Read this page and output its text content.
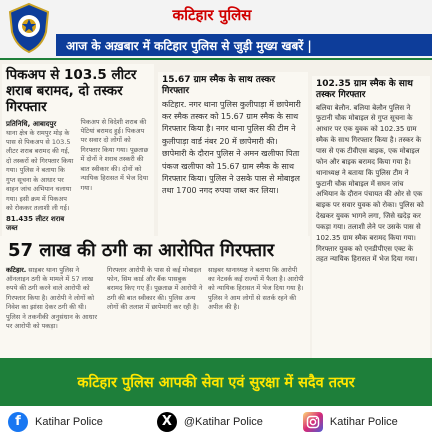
कटिहार पुलिस
आज के अख़बार में कटिहार पुलिस से जुड़ी मुख्य खबरें |
पिकअप से 103.5 लीटर शराब बरामद, दो तस्कर गिरफ्तार
प्रतिनिधि, आबादपुर
थाना क्षेत्र के रामपुर मोड़ के पास से पिकअप से 103.5 लीटर शराब बरामद की गई, दो तस्करों को गिरफ्तार किया गया। पुलिस ने बताया कि गुप्त सूचना के आधार पर वाहन जांच अभियान चलाया गया। इसी क्रम में पिकअप को रोककर तलाशी ली गई।
81.435 लीटर शराब जब्त
पिकअप से विदेशी शराब की पेटियां बरामद हुई। पिकअप पर सवार दो लोगों को गिरफ्तार किया गया। पूछताछ में दोनों ने शराब तस्करी की बात स्वीकार की। दोनों को न्यायिक हिरासत में भेज दिया गया।
15.67 ग्राम स्मैक के साथ तस्कर गिरफ्तार
कटिहार. नगर थाना पुलिस कुलीपाड़ा में छापेमारी कर स्मैक तस्कर को 15.67 ग्राम स्मैक के साथ गिरफ्तार किया है। नगर थाना पुलिस की टीम ने कुलीपाड़ा वार्ड नंबर 20 में छापेमारी की। छापेमारी के दौरान पुलिस ने अमन खलीफा पिता पंकज खलीफा को 15.67 ग्राम स्मैक के साथ गिरफ्तार किया। पुलिस ने उसके पास से मोबाइल तथा 1700 नगद रुपया जब्त कर लिया।
102.35 ग्राम स्मैक के साथ तस्कर गिरफ्तार
बलिया बेलौन. बलिया बेलौन पुलिस ने फुटानी चौक मोबाइल से गुप्त सूचना के आधार पर एक युवक को 102.35 ग्राम स्मैक के साथ गिरफ्तार किया है। तस्कर के पास से एक टीवीएस बाइक, एक मोबाइल फोन और बाइक बरामद किया गया है। थानाध्यक्ष ने बताया कि पुलिस टीम ने फुटानी चौक मोबाइल में सघन जांच अभियान के दौरान पंचायत की ओर से एक बाइक पर सवार युवक को रोका। पुलिस को देखकर युवक भागने लगा, जिसे खदेड़ कर पकड़ा गया। तलाशी लेने पर उसके पास से 102.35 ग्राम स्मैक बरामद किया गया। गिरफ्तार युवक को एनडीपीएस एक्ट के तहत न्यायिक हिरासत में भेज दिया गया।
57 लाख की ठगी का आरोपित गिरफ्तार
कटिहार. साइबर थाना पुलिस ने ऑनलाइन ठगी के मामले में 57 लाख रुपये की ठगी करने वाले आरोपी को गिरफ्तार किया है। आरोपी ने लोगों को निवेश का झांसा देकर ठगी की थी। पुलिस ने तकनीकी अनुसंधान के आधार पर आरोपी को पकड़ा।
गिरफ्तार आरोपी के पास से कई मोबाइल फोन, सिम कार्ड और बैंक पासबुक बरामद किए गए हैं। पूछताछ में आरोपी ने ठगी की बात स्वीकार की। पुलिस अन्य लोगों की तलाश में छापेमारी कर रही है।
साइबर थानाध्यक्ष ने बताया कि आरोपी का नेटवर्क कई राज्यों में फैला है। आरोपी को न्यायिक हिरासत में भेज दिया गया है। पुलिस ने आम लोगों से सतर्क रहने की अपील की है।
कटिहार पुलिस आपकी सेवा एवं सुरक्षा में सदैव तत्पर
f	Katihar Police	X	@Katihar Police	Katihar Police
